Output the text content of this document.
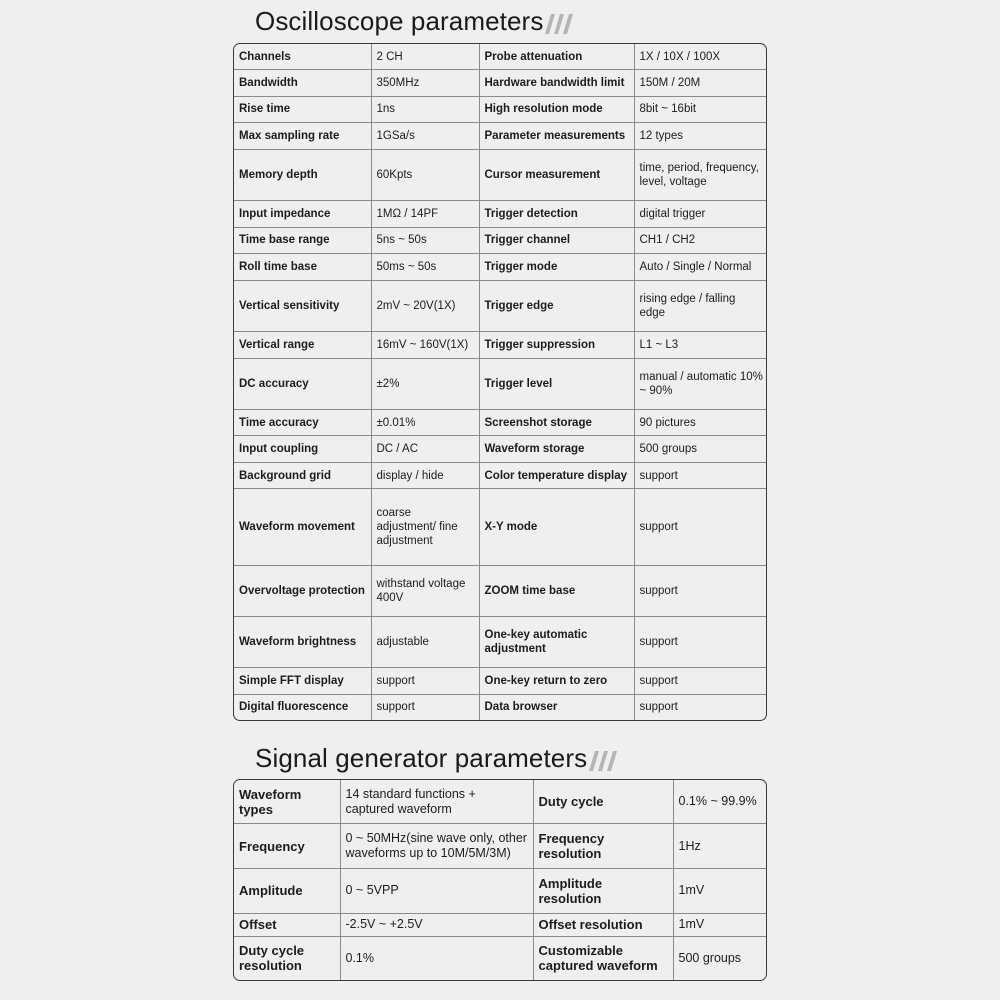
Oscilloscope parameters
Channels	2 CH	Probe attenuation	1X / 10X / 100X
Bandwidth	350MHz	Hardware bandwidth limit	150M / 20M
Rise time	1ns	High resolution mode	8bit ~ 16bit
Max sampling rate	1GSa/s	Parameter measurements	12 types
Memory depth	60Kpts	Cursor measurement	time, period, frequency, level, voltage
Input impedance	1MΩ / 14PF	Trigger detection	digital trigger
Time base range	5ns ~ 50s	Trigger channel	CH1 / CH2
Roll time base	50ms ~ 50s	Trigger mode	Auto / Single / Normal
Vertical sensitivity	2mV ~ 20V(1X)	Trigger edge	rising edge / falling edge
Vertical range	16mV ~ 160V(1X)	Trigger suppression	L1 ~ L3
DC accuracy	±2%	Trigger level	manual / automatic 10% ~ 90%
Time accuracy	±0.01%	Screenshot storage	90 pictures
Input coupling	DC / AC	Waveform storage	500 groups
Background grid	display / hide	Color temperature display	support
Waveform movement	coarse adjustment/ fine adjustment	X-Y mode	support
Overvoltage protection	withstand voltage 400V	ZOOM time base	support
Waveform brightness	adjustable	One-key automatic adjustment	support
Simple FFT display	support	One-key return to zero	support
Digital fluorescence	support	Data browser	support
Signal generator parameters
Waveform types	14 standard functions + captured waveform	Duty cycle	0.1% ~ 99.9%
Frequency	0 ~ 50MHz(sine wave only, other waveforms up to 10M/5M/3M)	Frequency resolution	1Hz
Amplitude	0 ~ 5VPP	Amplitude resolution	1mV
Offset	-2.5V ~ +2.5V	Offset resolution	1mV
Duty cycle resolution	0.1%	Customizable captured waveform	500 groups
